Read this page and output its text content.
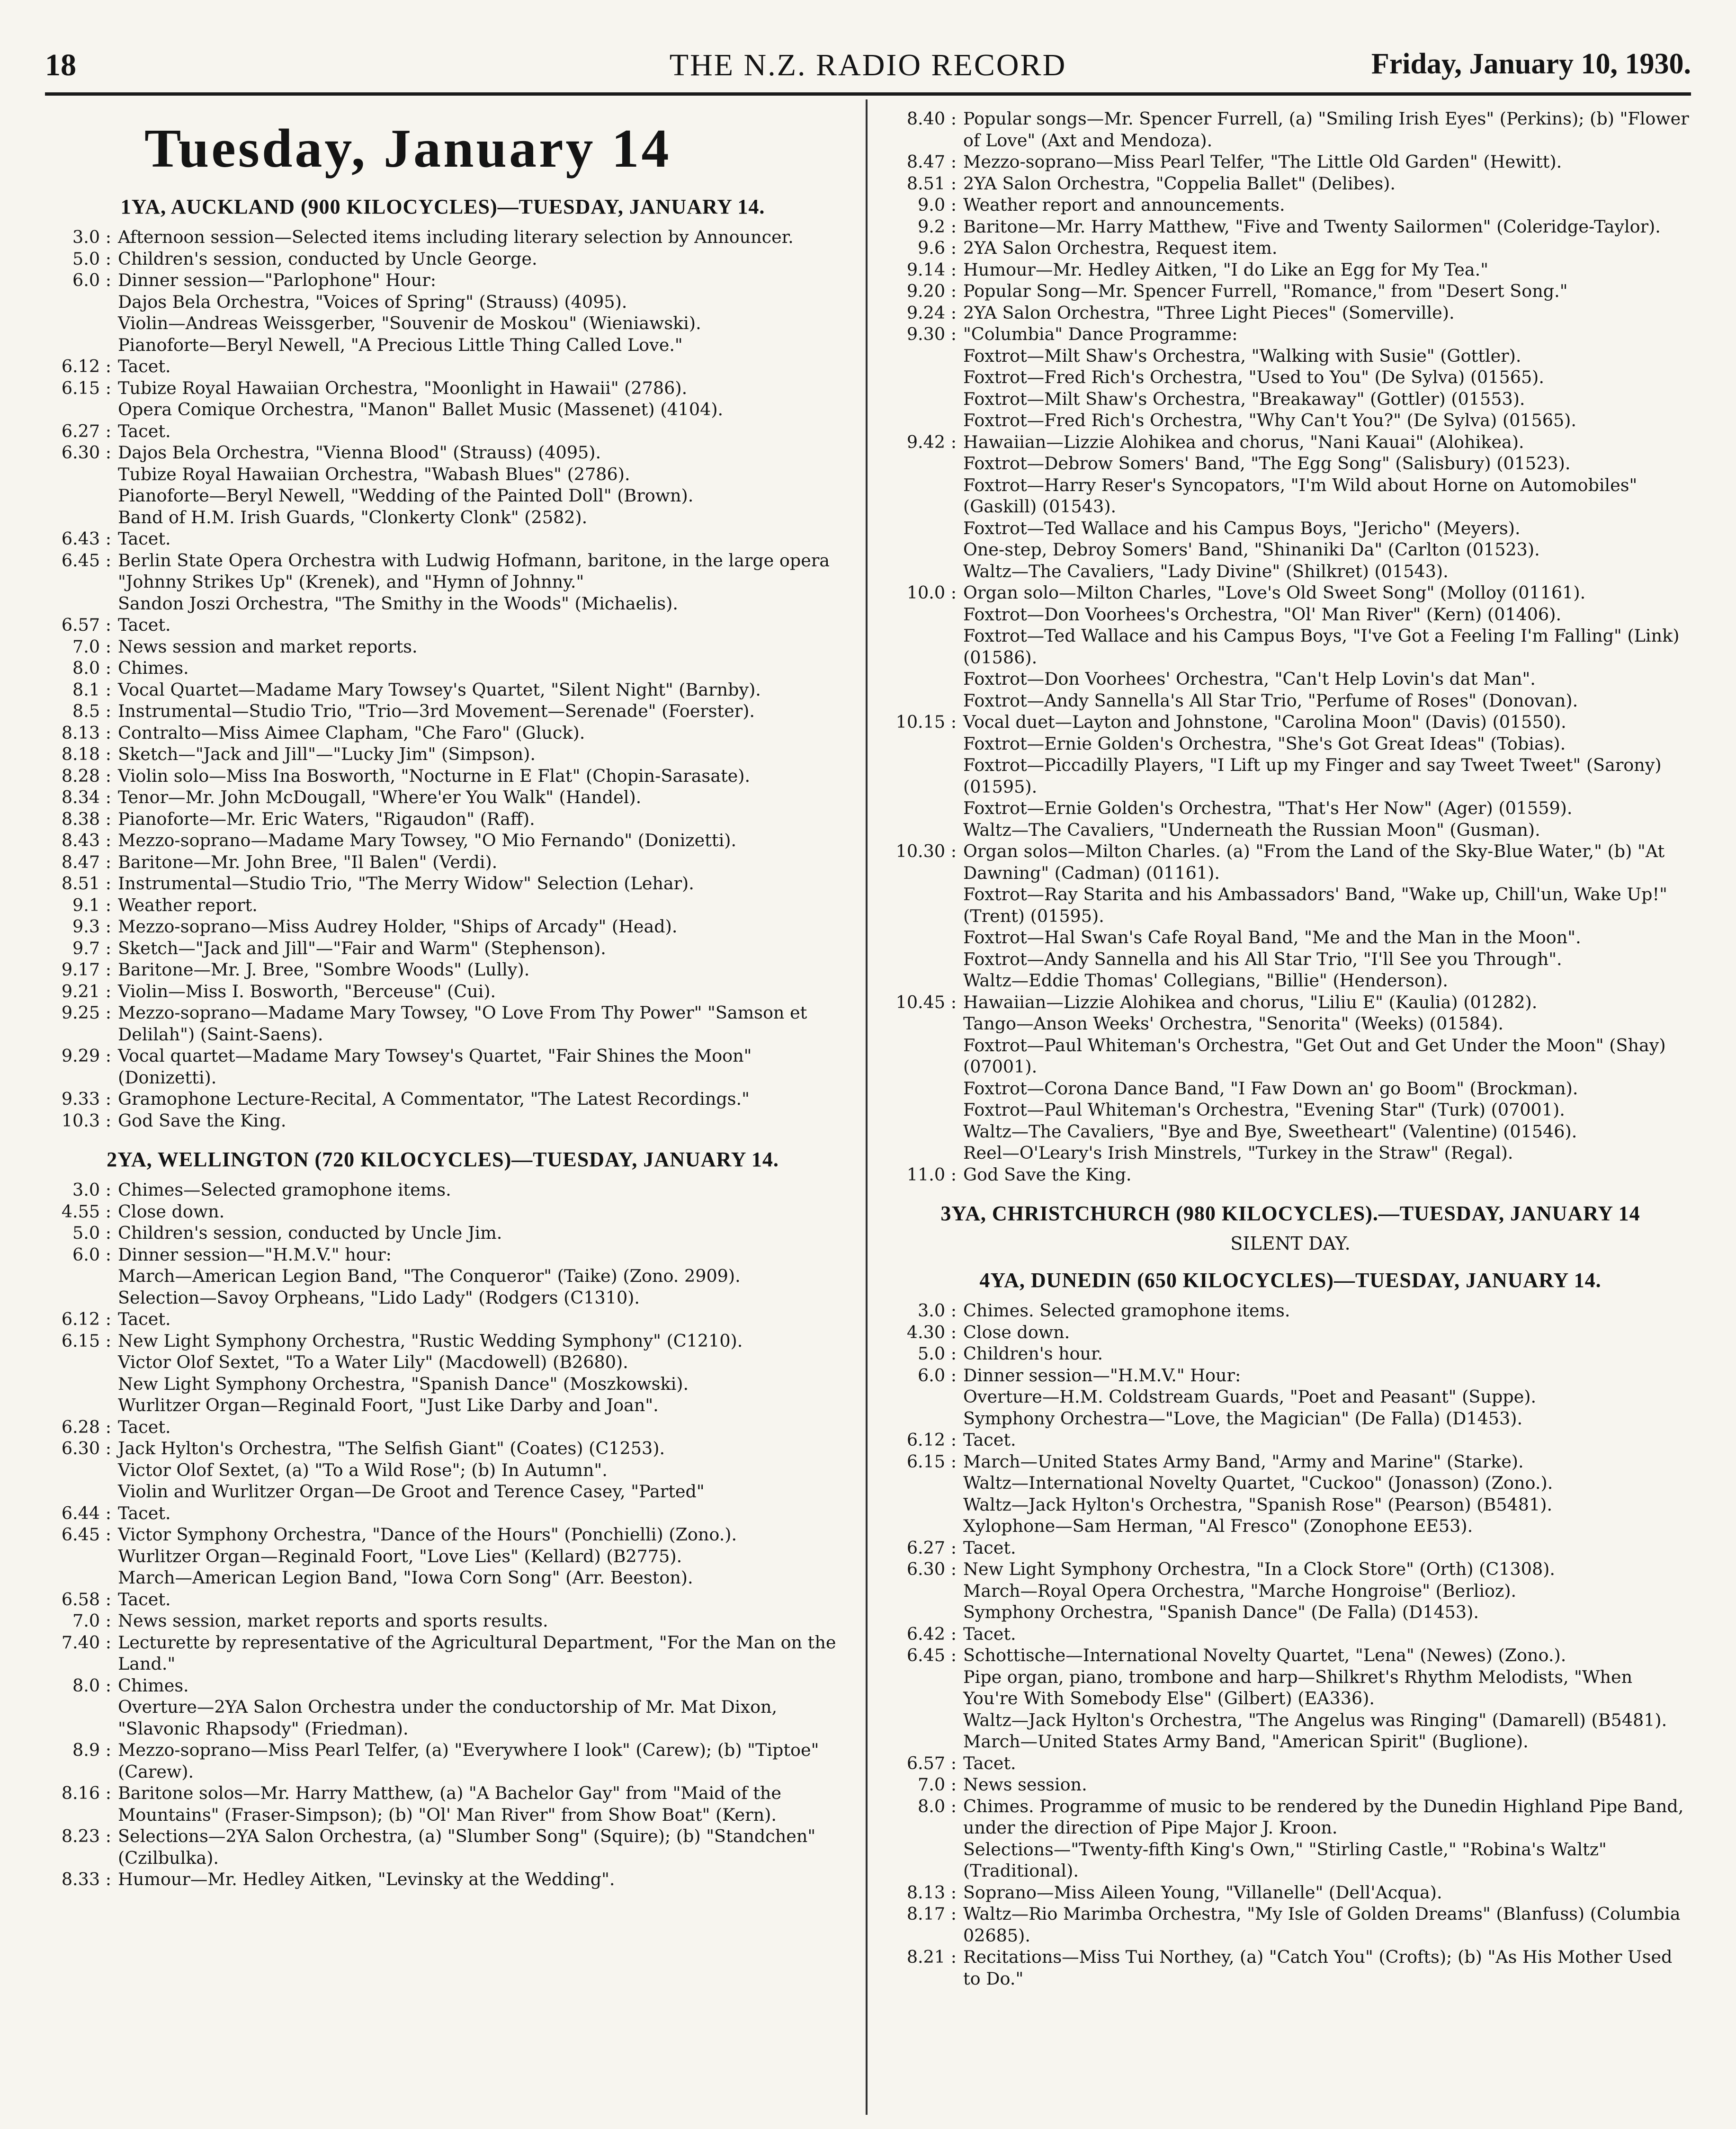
18	THE N.Z. RADIO RECORD	Friday, January 10, 1930.
Tuesday, January 14
1YA, AUCKLAND (900 KILOCYCLES)—TUESDAY, JANUARY 14.
3.0 : Afternoon session—Selected items including literary selection by Announcer.
5.0 : Children's session, conducted by Uncle George.
6.0 : Dinner session—"Parlophone" Hour:
Dajos Bela Orchestra, "Voices of Spring" (Strauss) (4095).
Violin—Andreas Weissgerber, "Souvenir de Moskou" (Wieniawski).
Pianoforte—Beryl Newell, "A Precious Little Thing Called Love."
6.12 : Tacet.
6.15 : Tubize Royal Hawaiian Orchestra, "Moonlight in Hawaii" (2786).
Opera Comique Orchestra, "Manon" Ballet Music (Massenet) (4104).
6.27 : Tacet.
6.30 : Dajos Bela Orchestra, "Vienna Blood" (Strauss) (4095).
Tubize Royal Hawaiian Orchestra, "Wabash Blues" (2786).
Pianoforte—Beryl Newell, "Wedding of the Painted Doll" (Brown).
Band of H.M. Irish Guards, "Clonkerty Clonk" (2582).
6.43 : Tacet.
6.45 : Berlin State Opera Orchestra with Ludwig Hofmann, baritone, in the large opera "Johnny Strikes Up" (Krenek), and "Hymn of Johnny."
Sandon Joszi Orchestra, "The Smithy in the Woods" (Michaelis).
6.57 : Tacet.
7.0 : News session and market reports.
8.0 : Chimes.
8.1 : Vocal Quartet—Madame Mary Towsey's Quartet, "Silent Night" (Barnby).
8.5 : Instrumental—Studio Trio, "Trio—3rd Movement—Serenade" (Foerster).
8.13 : Contralto—Miss Aimee Clapham, "Che Faro" (Gluck).
8.18 : Sketch—"Jack and Jill"—"Lucky Jim" (Simpson).
8.28 : Violin solo—Miss Ina Bosworth, "Nocturne in E Flat" (Chopin-Sarasate).
8.34 : Tenor—Mr. John McDougall, "Where'er You Walk" (Handel).
8.38 : Pianoforte—Mr. Eric Waters, "Rigaudon" (Raff).
8.43 : Mezzo-soprano—Madame Mary Towsey, "O Mio Fernando" (Donizetti).
8.47 : Baritone—Mr. John Bree, "Il Balen" (Verdi).
8.51 : Instrumental—Studio Trio, "The Merry Widow" Selection (Lehar).
9.1 : Weather report.
9.3 : Mezzo-soprano—Miss Audrey Holder, "Ships of Arcady" (Head).
9.7 : Sketch—"Jack and Jill"—"Fair and Warm" (Stephenson).
9.17 : Baritone—Mr. J. Bree, "Sombre Woods" (Lully).
9.21 : Violin—Miss I. Bosworth, "Berceuse" (Cui).
9.25 : Mezzo-soprano—Madame Mary Towsey, "O Love From Thy Power" "Samson et Delilah") (Saint-Saens).
9.29 : Vocal quartet—Madame Mary Towsey's Quartet, "Fair Shines the Moon" (Donizetti).
9.33 : Gramophone Lecture-Recital, A Commentator, "The Latest Recordings."
10.3 : God Save the King.
2YA, WELLINGTON (720 KILOCYCLES)—TUESDAY, JANUARY 14.
3.0 : Chimes—Selected gramophone items.
4.55 : Close down.
5.0 : Children's session, conducted by Uncle Jim.
6.0 : Dinner session—"H.M.V." hour:
March—American Legion Band, "The Conqueror" (Taike) (Zono. 2909).
Selection—Savoy Orpheans, "Lido Lady" (Rodgers (C1310).
6.12 : Tacet.
6.15 : New Light Symphony Orchestra, "Rustic Wedding Symphony" (C1210).
Victor Olof Sextet, "To a Water Lily" (Macdowell) (B2680).
New Light Symphony Orchestra, "Spanish Dance" (Moszkowski).
Wurlitzer Organ—Reginald Foort, "Just Like Darby and Joan".
6.28 : Tacet.
6.30 : Jack Hylton's Orchestra, "The Selfish Giant" (Coates) (C1253).
Victor Olof Sextet, (a) "To a Wild Rose"; (b) In Autumn".
Violin and Wurlitzer Organ—De Groot and Terence Casey, "Parted"
6.44 : Tacet.
6.45 : Victor Symphony Orchestra, "Dance of the Hours" (Ponchielli) (Zono.).
Wurlitzer Organ—Reginald Foort, "Love Lies" (Kellard) (B2775).
March—American Legion Band, "Iowa Corn Song" (Arr. Beeston).
6.58 : Tacet.
7.0 : News session, market reports and sports results.
7.40 : Lecturette by representative of the Agricultural Department, "For the Man on the Land."
8.0 : Chimes.
Overture—2YA Salon Orchestra under the conductorship of Mr. Mat Dixon, "Slavonic Rhapsody" (Friedman).
8.9 : Mezzo-soprano—Miss Pearl Telfer, (a) "Everywhere I look" (Carew); (b) "Tiptoe" (Carew).
8.16 : Baritone solos—Mr. Harry Matthew, (a) "A Bachelor Gay" from "Maid of the Mountains" (Fraser-Simpson); (b) "Ol' Man River" from Show Boat" (Kern).
8.23 : Selections—2YA Salon Orchestra, (a) "Slumber Song" (Squire); (b) "Standchen" (Czilbulka).
8.33 : Humour—Mr. Hedley Aitken, "Levinsky at the Wedding".
8.40 : Popular songs—Mr. Spencer Furrell, (a) "Smiling Irish Eyes" (Perkins); (b) "Flower of Love" (Axt and Mendoza).
8.47 : Mezzo-soprano—Miss Pearl Telfer, "The Little Old Garden" (Hewitt).
8.51 : 2YA Salon Orchestra, "Coppelia Ballet" (Delibes).
9.0 : Weather report and announcements.
9.2 : Baritone—Mr. Harry Matthew, "Five and Twenty Sailormen" (Coleridge-Taylor).
9.6 : 2YA Salon Orchestra, Request item.
9.14 : Humour—Mr. Hedley Aitken, "I do Like an Egg for My Tea."
9.20 : Popular Song—Mr. Spencer Furrell, "Romance," from "Desert Song."
9.24 : 2YA Salon Orchestra, "Three Light Pieces" (Somerville).
9.30 : "Columbia" Dance Programme:
Foxtrot—Milt Shaw's Orchestra, "Walking with Susie" (Gottler).
Foxtrot—Fred Rich's Orchestra, "Used to You" (De Sylva) (01565).
Foxtrot—Milt Shaw's Orchestra, "Breakaway" (Gottler) (01553).
Foxtrot—Fred Rich's Orchestra, "Why Can't You?" (De Sylva) (01565).
9.42 : Hawaiian—Lizzie Alohikea and chorus, "Nani Kauai" (Alohikea).
Foxtrot—Debrow Somers' Band, "The Egg Song" (Salisbury) (01523).
Foxtrot—Harry Reser's Syncopators, "I'm Wild about Horne on Automobiles" (Gaskill) (01543).
Foxtrot—Ted Wallace and his Campus Boys, "Jericho" (Meyers).
One-step, Debroy Somers' Band, "Shinaniki Da" (Carlton (01523).
Waltz—The Cavaliers, "Lady Divine" (Shilkret) (01543).
10.0 : Organ solo—Milton Charles, "Love's Old Sweet Song" (Molloy (01161).
Foxtrot—Don Voorhees's Orchestra, "Ol' Man River" (Kern) (01406).
Foxtrot—Ted Wallace and his Campus Boys, "I've Got a Feeling I'm Falling" (Link) (01586).
Foxtrot—Don Voorhees' Orchestra, "Can't Help Lovin's dat Man".
Foxtrot—Andy Sannella's All Star Trio, "Perfume of Roses" (Donovan).
10.15 : Vocal duet—Layton and Johnstone, "Carolina Moon" (Davis) (01550).
Foxtrot—Ernie Golden's Orchestra, "She's Got Great Ideas" (Tobias).
Foxtrot—Piccadilly Players, "I Lift up my Finger and say Tweet Tweet" (Sarony) (01595).
Foxtrot—Ernie Golden's Orchestra, "That's Her Now" (Ager) (01559).
Waltz—The Cavaliers, "Underneath the Russian Moon" (Gusman).
10.30 : Organ solos—Milton Charles. (a) "From the Land of the Sky-Blue Water," (b) "At Dawning" (Cadman) (01161).
Foxtrot—Ray Starita and his Ambassadors' Band, "Wake up, Chill'un, Wake Up!" (Trent) (01595).
Foxtrot—Hal Swan's Cafe Royal Band, "Me and the Man in the Moon".
Foxtrot—Andy Sannella and his All Star Trio, "I'll See you Through".
Waltz—Eddie Thomas' Collegians, "Billie" (Henderson).
10.45 : Hawaiian—Lizzie Alohikea and chorus, "Liliu E" (Kaulia) (01282).
Tango—Anson Weeks' Orchestra, "Senorita" (Weeks) (01584).
Foxtrot—Paul Whiteman's Orchestra, "Get Out and Get Under the Moon" (Shay) (07001).
Foxtrot—Corona Dance Band, "I Faw Down an' go Boom" (Brockman).
Foxtrot—Paul Whiteman's Orchestra, "Evening Star" (Turk) (07001).
Waltz—The Cavaliers, "Bye and Bye, Sweetheart" (Valentine) (01546).
Reel—O'Leary's Irish Minstrels, "Turkey in the Straw" (Regal).
11.0 : God Save the King.
3YA, CHRISTCHURCH (980 KILOCYCLES).—TUESDAY, JANUARY 14
SILENT DAY.
4YA, DUNEDIN (650 KILOCYCLES)—TUESDAY, JANUARY 14.
3.0 : Chimes. Selected gramophone items.
4.30 : Close down.
5.0 : Children's hour.
6.0 : Dinner session—"H.M.V." Hour:
Overture—H.M. Coldstream Guards, "Poet and Peasant" (Suppe).
Symphony Orchestra—"Love, the Magician" (De Falla) (D1453).
6.12 : Tacet.
6.15 : March—United States Army Band, "Army and Marine" (Starke).
Waltz—International Novelty Quartet, "Cuckoo" (Jonasson) (Zono.).
Waltz—Jack Hylton's Orchestra, "Spanish Rose" (Pearson) (B5481).
Xylophone—Sam Herman, "Al Fresco" (Zonophone EE53).
6.27 : Tacet.
6.30 : New Light Symphony Orchestra, "In a Clock Store" (Orth) (C1308).
March—Royal Opera Orchestra, "Marche Hongroise" (Berlioz).
Symphony Orchestra, "Spanish Dance" (De Falla) (D1453).
6.42 : Tacet.
6.45 : Schottische—International Novelty Quartet, "Lena" (Newes) (Zono.).
Pipe organ, piano, trombone and harp—Shilkret's Rhythm Melodists, "When You're With Somebody Else" (Gilbert) (EA336).
Waltz—Jack Hylton's Orchestra, "The Angelus was Ringing" (Damarell) (B5481).
March—United States Army Band, "American Spirit" (Buglione).
6.57 : Tacet.
7.0 : News session.
8.0 : Chimes. Programme of music to be rendered by the Dunedin Highland Pipe Band, under the direction of Pipe Major J. Kroon.
Selections—"Twenty-fifth King's Own," "Stirling Castle," "Robina's Waltz" (Traditional).
8.13 : Soprano—Miss Aileen Young, "Villanelle" (Dell'Acqua).
8.17 : Waltz—Rio Marimba Orchestra, "My Isle of Golden Dreams" (Blanfuss) (Columbia 02685).
8.21 : Recitations—Miss Tui Northey, (a) "Catch You" (Crofts); (b) "As His Mother Used to Do."
